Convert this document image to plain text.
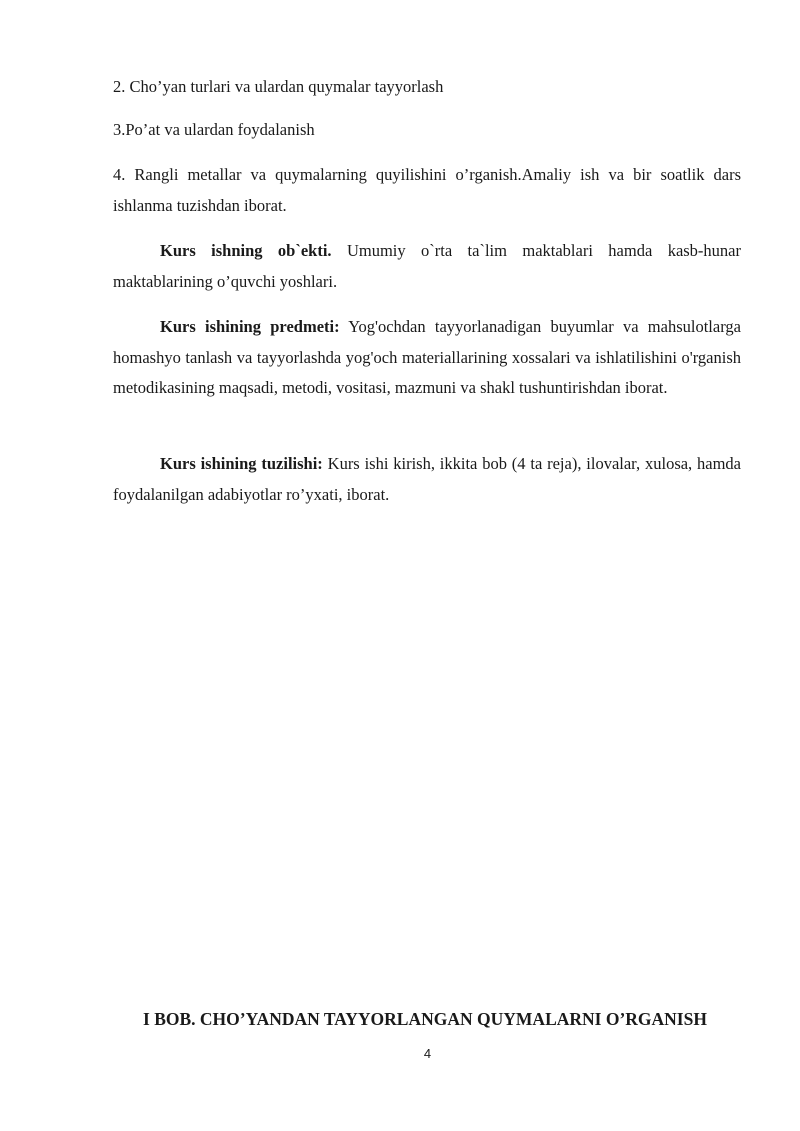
2. Cho’yan turlari va ulardan quymalar tayyorlash
3.Po’at va ulardan foydalanish
4. Rangli metallar va quymalarning quyilishini o’rganish.Amaliy ish va bir soatlik dars ishlanma tuzishdan iborat.
Kurs ishning ob`ekti. Umumiy o`rta ta`lim maktablari hamda kasb-hunar maktablarining o’quvchi yoshlari.
Kurs ishining predmeti: Yog'ochdan tayyorlanadigan buyumlar va mahsulotlarga homashyo tanlash va tayyorlashda yog'och materiallarining xossalari va ishlatilishini o'rganish metodikasining maqsadi, metodi, vositasi, mazmuni va shakl tushuntirishdan iborat.
Kurs ishining tuzilishi: Kurs ishi kirish, ikkita bob (4 ta reja), ilovalar, xulosa, hamda foydalanilgan adabiyotlar ro’yxati, iborat.
I BOB. CHO’YANDAN TAYYORLANGAN QUYMALARNI O’RGANISH
4
